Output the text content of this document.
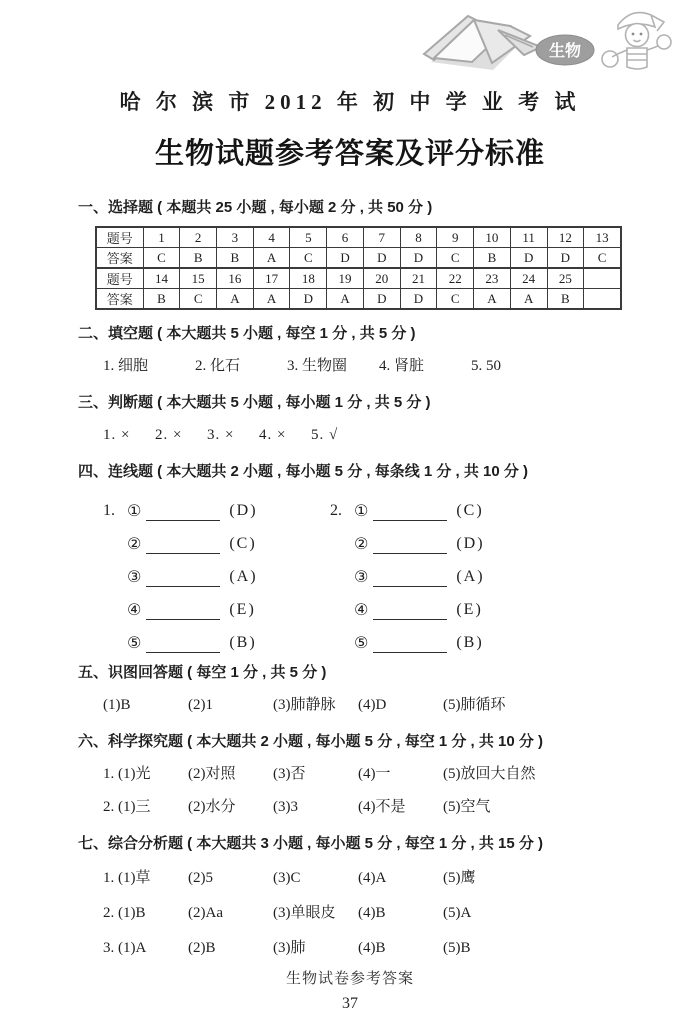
生物
哈 尔 滨 市 2012 年 初 中 学 业 考 试
生物试题参考答案及评分标准
一、选择题 ( 本题共 25 小题 , 每小题 2 分 , 共 50 分 )
题号	1	2	3	4	5	6	7	8	9	10	11	12	13
答案	C	B	B	A	C	D	D	D	C	B	D	D	C
题号	14	15	16	17	18	19	20	21	22	23	24	25	
答案	B	C	A	A	D	A	D	D	C	A	A	B	
二、填空题 ( 本大题共 5 小题 , 每空 1 分 , 共 5 分 )
1. 细胞	2. 化石	3. 生物圈 4. 肾脏	5. 50
三、判断题 ( 本大题共 5 小题 , 每小题 1 分 , 共 5 分 )
1. × 2. × 3. × 4. × 5. √
四、连线题 ( 本大题共 2 小题 , 每小题 5 分 , 每条线 1 分 , 共 10 分 )
1. ①	(D)
②	(C)
③	(A)
④	(E)
⑤	(B)
2. ①	(C)
②	(D)
③	(A)
④	(E)
⑤	(B)
五、识图回答题 ( 每空 1 分 , 共 5 分 )
(1)B	(2)1	(3)肺静脉 (4)D	(5)肺循环
六、科学探究题 ( 本大题共 2 小题 , 每小题 5 分 , 每空 1 分 , 共 10 分 )
1. (1)光	(2)对照	(3)否	(4)一	(5)放回大自然
2. (1)三	(2)水分	(3)3	(4)不是	(5)空气
七、综合分析题 ( 本大题共 3 小题 , 每小题 5 分 , 每空 1 分 , 共 15 分 )
1. (1)草	(2)5	(3)C	(4)A	(5)鹰
2. (1)B	(2)Aa	(3)单眼皮 (4)B	(5)A
3. (1)A	(2)B	(3)肺	(4)B	(5)B
生物试卷参考答案
37
